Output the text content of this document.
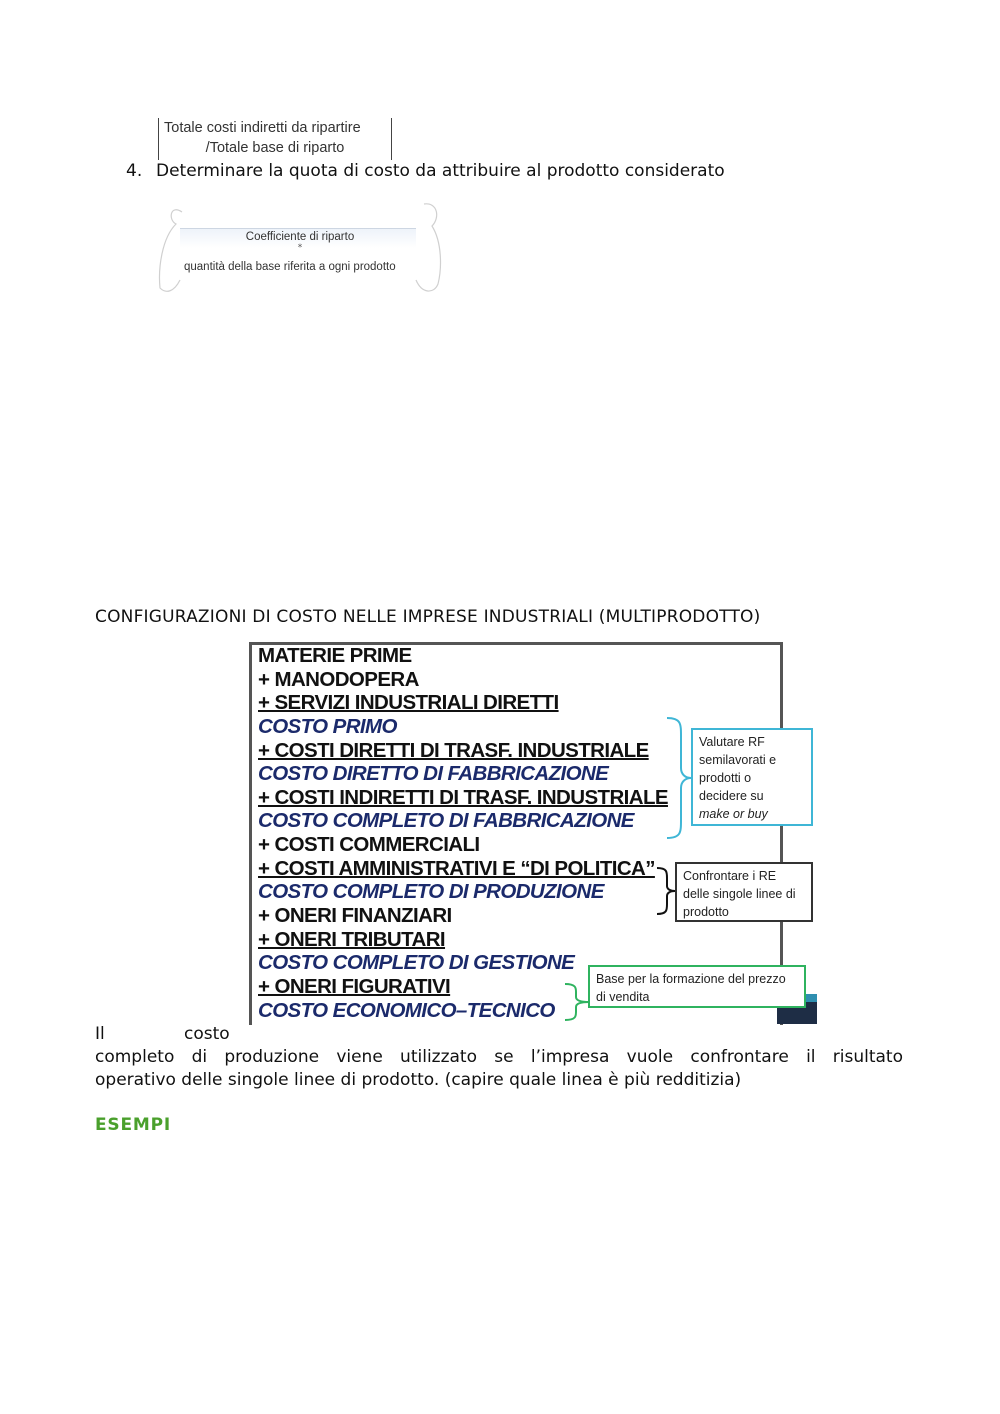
Totale costi indiretti da ripartire
/Totale base di riparto
4. Determinare la quota di costo da attribuire al prodotto considerato
Coefficiente di riparto
*
quantità della base riferita a ogni prodotto
CONFIGURAZIONI DI COSTO NELLE IMPRESE INDUSTRIALI (MULTIPRODOTTO)
MATERIE PRIME
+ MANODOPERA
+ SERVIZI INDUSTRIALI DIRETTI
COSTO PRIMO
+ COSTI DIRETTI DI TRASF. INDUSTRIALE
COSTO DIRETTO DI FABBRICAZIONE
+ COSTI INDIRETTI DI TRASF. INDUSTRIALE
COSTO COMPLETO DI FABBRICAZIONE
+ COSTI COMMERCIALI
+ COSTI AMMINISTRATIVI E “DI POLITICA”
COSTO COMPLETO DI PRODUZIONE
+ ONERI FINANZIARI
+ ONERI TRIBUTARI
COSTO COMPLETO DI GESTIONE
+ ONERI FIGURATIVI
COSTO ECONOMICO–TECNICO
Valutare RF
semilavorati e
prodotti o
decidere su
make or buy
Confrontare i RE
delle singole linee di
prodotto
Base per la formazione del prezzo
di vendita
Il	costo
completo di produzione viene utilizzato se l’impresa vuole confrontare il risultato
operativo delle singole linee di prodotto. (capire quale linea è più redditizia)
ESEMPI
